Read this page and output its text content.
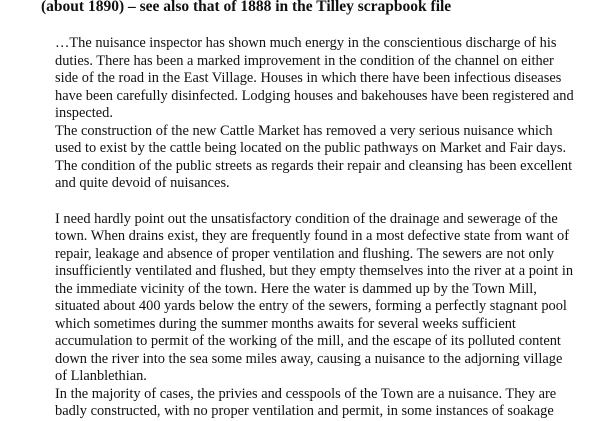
(about 1890) – see also that of 1888 in the Tilley scrapbook file

…The nuisance inspector has shown much energy in the conscientious discharge of his duties. There has been a marked improvement in the condition of the channel on either side of the road in the East Village. Houses in which there have been infectious diseases have been carefully disinfected. Lodging houses and bakehouses have been registered and inspected.

The construction of the new Cattle Market has removed a very serious nuisance which used to exist by the cattle being located on the public pathways on Market and Fair days. The condition of the public streets as regards their repair and cleansing has been excellent and quite devoid of nuisances.

I need hardly point out the unsatisfactory condition of the drainage and sewerage of the town. When drains exist, they are frequently found in a most defective state from want of repair, leakage and absence of proper ventilation and flushing. The sewers are not only insufficiently ventilated and flushed, but they empty themselves into the river at a point in the immediate vicinity of the town. Here the water is dammed up by the Town Mill, situated about 400 yards below the entry of the sewers, forming a perfectly stagnant pool which sometimes during the summer months awaits for several weeks sufficient accumulation to permit of the working of the mill, and the escape of its polluted content down the river into the sea some miles away, causing a nuisance to the adjorning village of Llanblethian.

In the majority of cases, the privies and cesspools of the Town are a nuisance. They are badly constructed, with no proper ventilation and permit, in some instances of soakage
